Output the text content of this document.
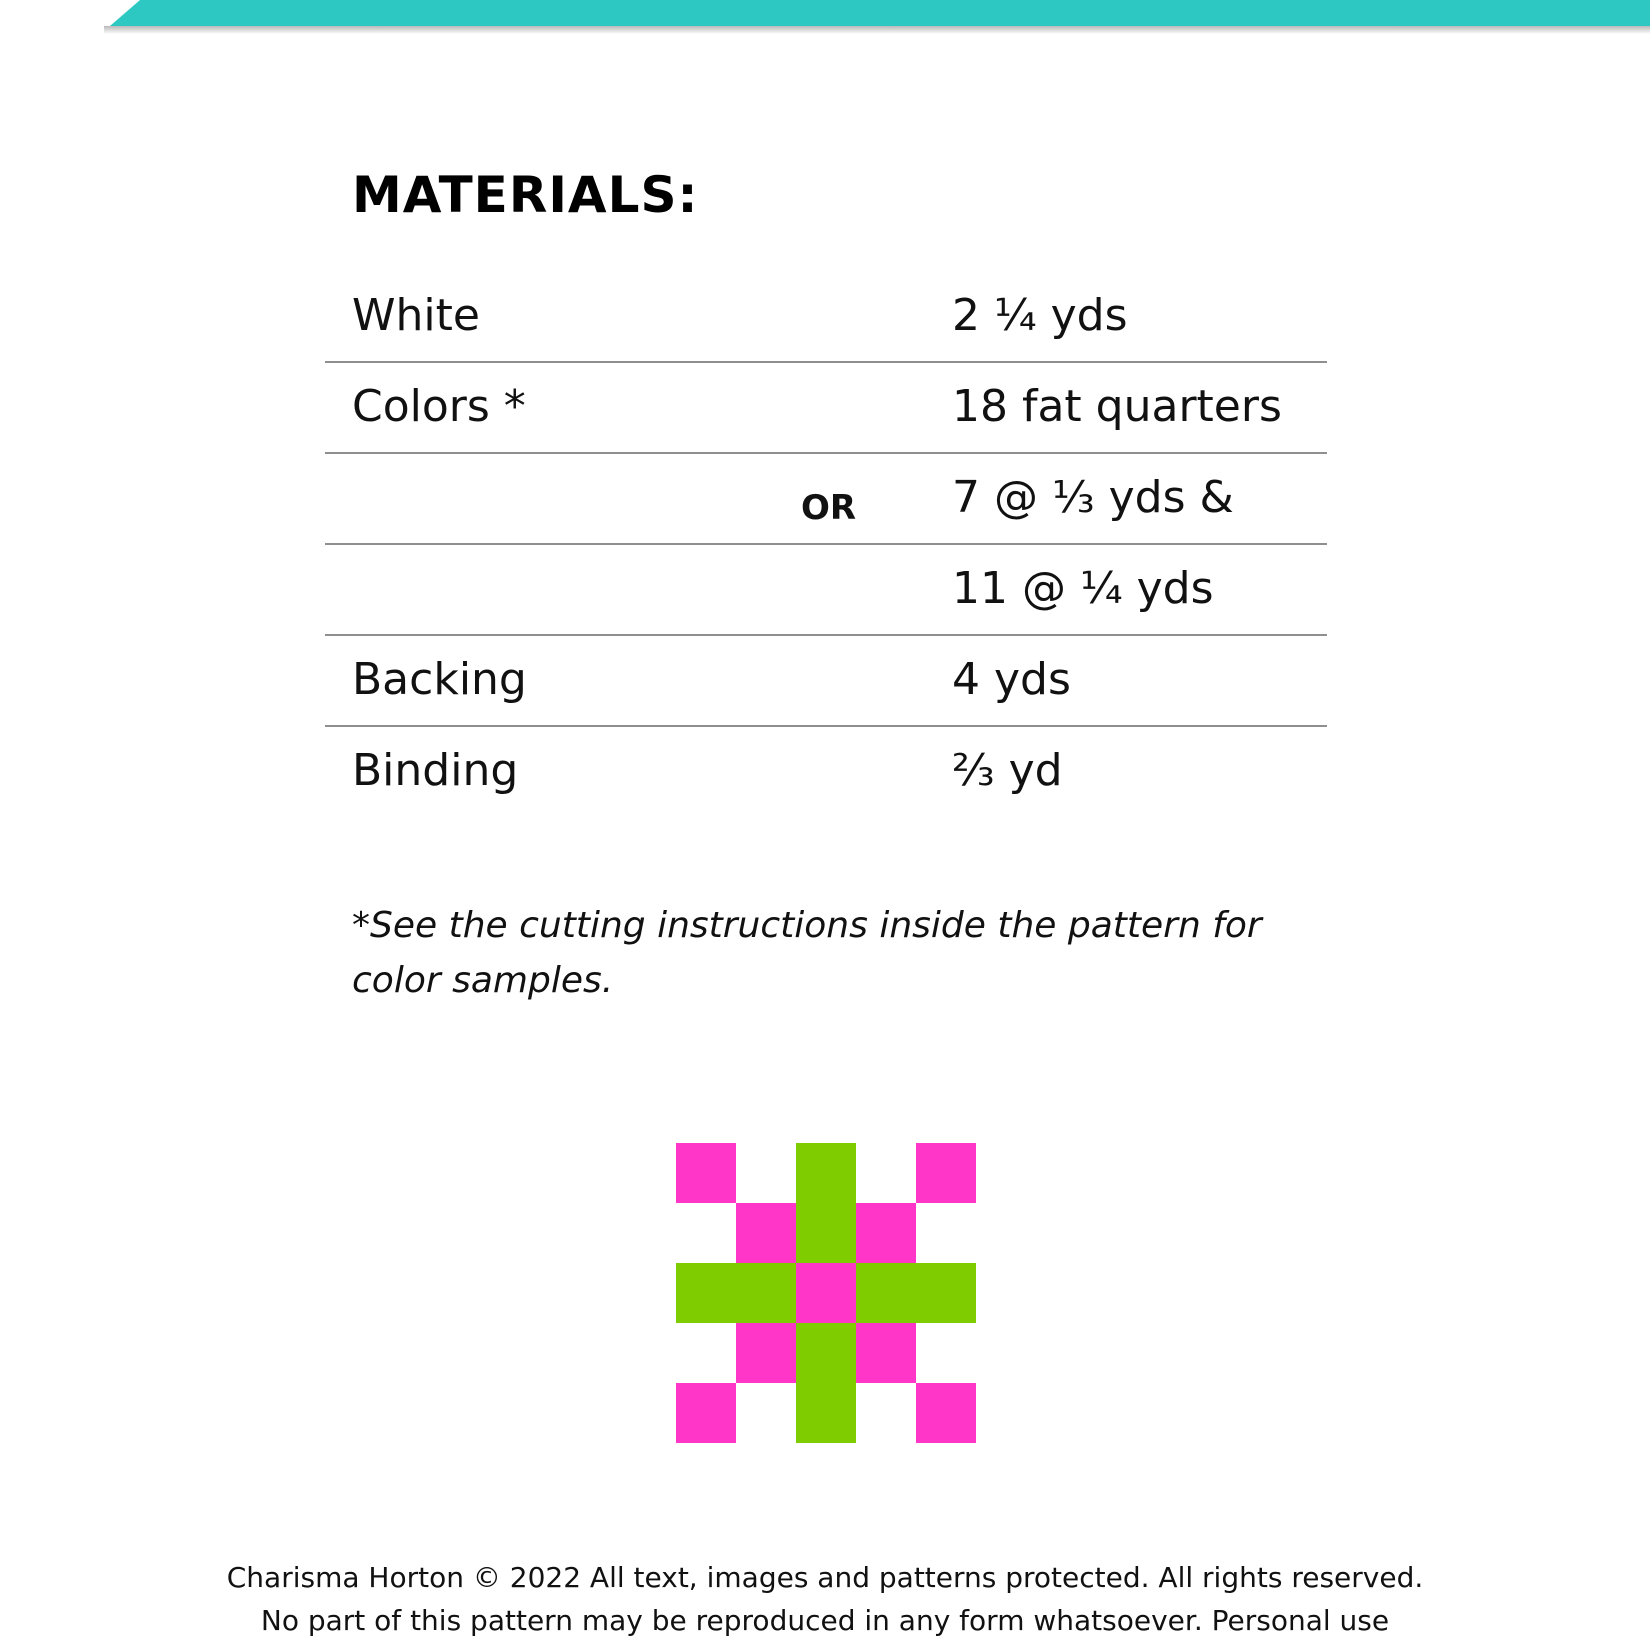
MATERIALS:
White	2 ¼ yds
Colors *	18 fat quarters
OR 7 @ ⅓ yds &
11 @ ¼ yds
Backing	4 yds
Binding	⅔ yd

*See the cutting instructions inside the pattern for color samples.

Charisma Horton © 2022 All text, images and patterns protected. All rights reserved.
No part of this pattern may be reproduced in any form whatsoever. Personal use
